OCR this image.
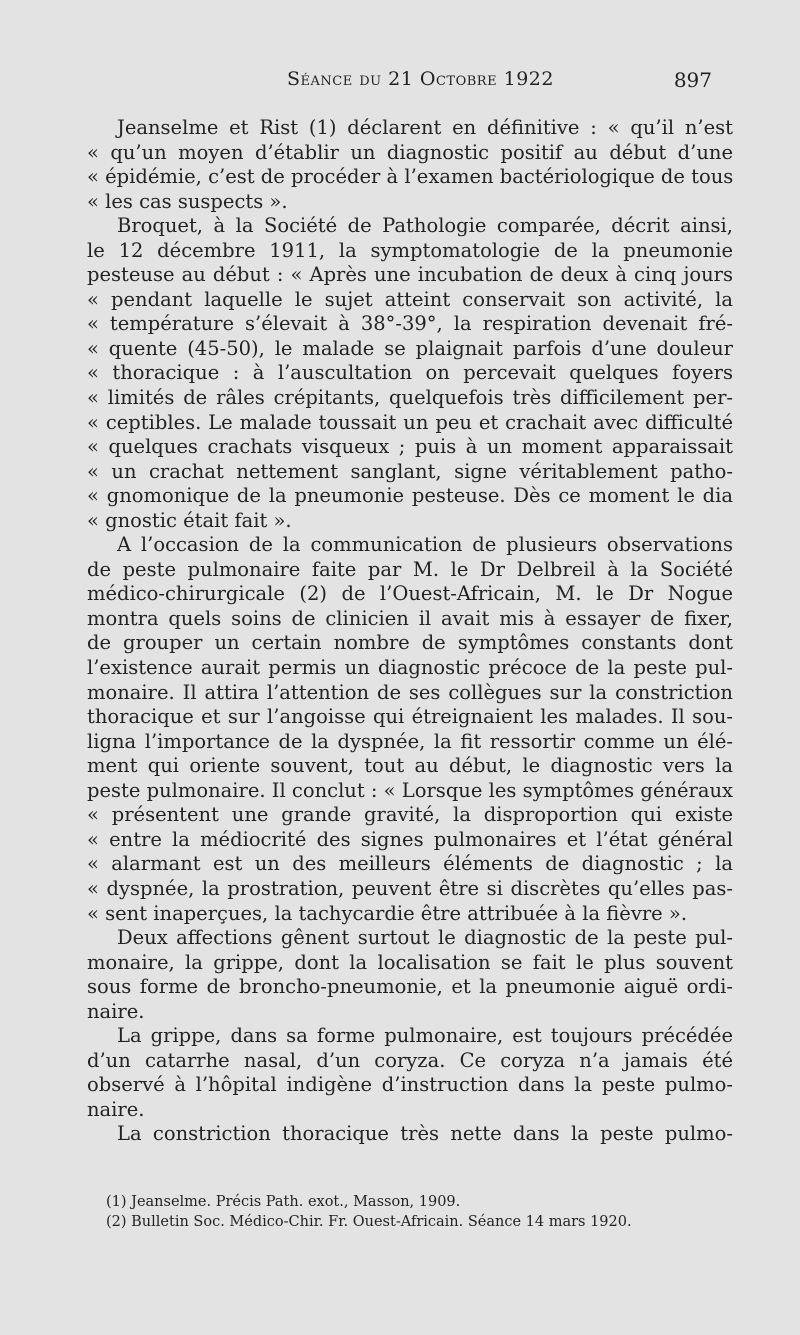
Séance du 21 Octobre 1922	897
Jeanselme et Rist (1) déclarent en définitive : « qu’il n’est
« qu’un moyen d’établir un diagnostic positif au début d’une
« épidémie, c’est de procéder à l’examen bactériologique de tous
« les cas suspects ».
Broquet, à la Société de Pathologie comparée, décrit ainsi,
le 12 décembre 1911, la symptomatologie de la pneumonie
pesteuse au début : « Après une incubation de deux à cinq jours
« pendant laquelle le sujet atteint conservait son activité, la
« température s’élevait à 38°-39°, la respiration devenait fré-
« quente (45-50), le malade se plaignait parfois d’une douleur
« thoracique : à l’auscultation on percevait quelques foyers
« limités de râles crépitants, quelquefois très difficilement per-
« ceptibles. Le malade toussait un peu et crachait avec difficulté
« quelques crachats visqueux ; puis à un moment apparaissait
« un crachat nettement sanglant, signe véritablement patho-
« gnomonique de la pneumonie pesteuse. Dès ce moment le dia
« gnostic était fait ».
A l’occasion de la communication de plusieurs observations
de peste pulmonaire faite par M. le Dr Delbreil à la Société
médico-chirurgicale (2) de l’Ouest-Africain, M. le Dr Nogue
montra quels soins de clinicien il avait mis à essayer de fixer,
de grouper un certain nombre de symptômes constants dont
l’existence aurait permis un diagnostic précoce de la peste pul-
monaire. Il attira l’attention de ses collègues sur la constriction
thoracique et sur l’angoisse qui étreignaient les malades. Il sou-
ligna l’importance de la dyspnée, la fit ressortir comme un élé-
ment qui oriente souvent, tout au début, le diagnostic vers la
peste pulmonaire. Il conclut : « Lorsque les symptômes généraux
« présentent une grande gravité, la disproportion qui existe
« entre la médiocrité des signes pulmonaires et l’état général
« alarmant est un des meilleurs éléments de diagnostic ; la
« dyspnée, la prostration, peuvent être si discrètes qu’elles pas-
« sent inaperçues, la tachycardie être attribuée à la fièvre ».
Deux affections gênent surtout le diagnostic de la peste pul-
monaire, la grippe, dont la localisation se fait le plus souvent
sous forme de broncho-pneumonie, et la pneumonie aiguë ordi-
naire.
La grippe, dans sa forme pulmonaire, est toujours précédée
d’un catarrhe nasal, d’un coryza. Ce coryza n’a jamais été
observé à l’hôpital indigène d’instruction dans la peste pulmo-
naire.
La constriction thoracique très nette dans la peste pulmo-
(1) Jeanselme. Précis Path. exot., Masson, 1909.
(2) Bulletin Soc. Médico-Chir. Fr. Ouest-Africain. Séance 14 mars 1920.
